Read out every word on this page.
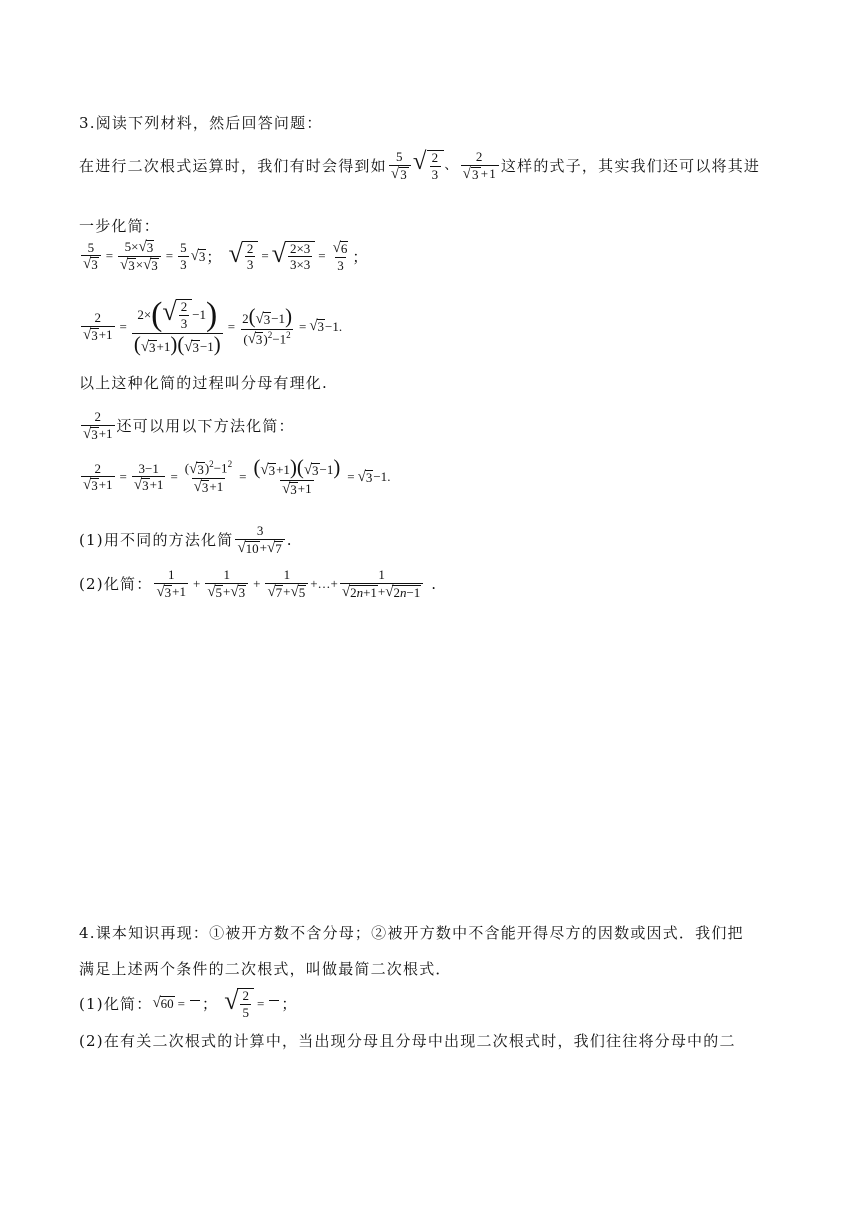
3.阅读下列材料，然后回答问题：
在进行二次根式运算时，我们有时会得到如 $\frac{5}{√ 3}$ √ $\frac{2}{3}$ 、 $\frac{2}{√ 3 +1}$ 这样的式子，其实我们还可以将其进
一步化简：
$\frac{5}{√ 3} = \frac{5\times √ 3}{√ 3 \times √ 3} = \frac{5}{3}$ √ 3 ； √ $\frac{2}{3}$ = √ $\frac{2\times 3}{3\times 3} = \frac{√ 6}{3}$ ；
$\frac{2}{√ 3 +1} = \frac{2\times ( √ \frac{2}{3} -1 )}{( √ 3 +1)( √ 3 -1)} = \frac{2( √ 3 -1)}{( √ 3 )^2-1^2}$ = √ 3 −1 .
以上这种化简的过程叫分母有理化.
$\frac{2}{√ 3 +1}$ 还可以用以下方法化简：
$\frac{2}{√ 3 +1} = \frac{3-1}{√ 3 +1} = \frac{( √ 3 )^2-1^2}{√ 3 +1} = \frac{( √ 3 +1)( √ 3 -1)}{√ 3 +1}$ = √ 3 −1 .
(1)用不同的方法化简 $\frac{3}{√ 10 + √ 7}$ .
(2)化简： $\frac{1}{√ 3 +1} + \frac{1}{√ 5 + √ 3} + \frac{1}{√ 7 + √ 5}$ +…+ $\frac{1}{√ 2n+1 + √ 2n-1}$ .
4.课本知识再现：①被开方数不含分母；②被开方数中不含能开得尽方的因数或因式．我们把
满足上述两个条件的二次根式，叫做最简二次根式．
(1)化简： √ 60 = ； √ $\frac{2}{5}$ = ；
(2)在有关二次根式的计算中，当出现分母且分母中出现二次根式时，我们往往将分母中的二
